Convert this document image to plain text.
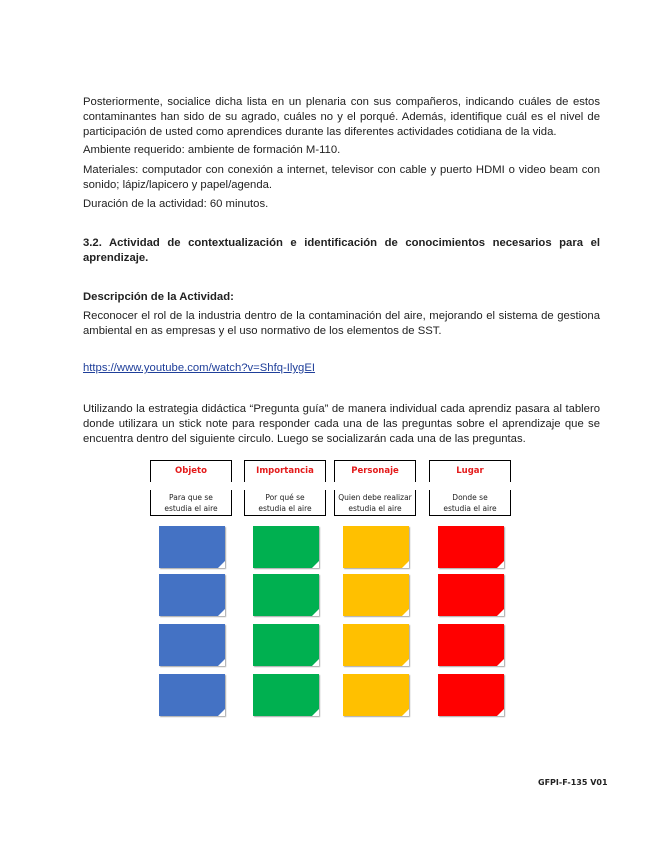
Posteriormente, socialice dicha lista en un plenaria con sus compañeros, indicando cuáles de estos contaminantes han sido de su agrado, cuáles no y el porqué. Además, identifique cuál es el nivel de participación de usted como aprendices durante las diferentes actividades cotidiana de la vida.

Ambiente requerido: ambiente de formación M-110.

Materiales: computador con conexión a internet, televisor con cable y puerto HDMI o video beam con sonido; lápiz/lapicero y papel/agenda.

Duración de la actividad: 60 minutos.

3.2. Actividad de contextualización e identificación de conocimientos necesarios para el aprendizaje.

Descripción de la Actividad:

Reconocer el rol de la industria dentro de la contaminación del aire, mejorando el sistema de gestiona ambiental en as empresas y el uso normativo de los elementos de SST.

https://www.youtube.com/watch?v=Shfq-IlygEI

Utilizando la estrategia didáctica “Pregunta guía” de manera individual cada aprendiz pasara al tablero donde utilizara un stick note para responder cada una de las preguntas sobre el aprendizaje que se encuentra dentro del siguiente circulo. Luego se socializarán cada una de las preguntas.

Objeto
Para que se
estudia el aire
Importancia
Por qué se
estudia el aire
Personaje
Quien debe realizar
estudia el aire
Lugar
Donde se
estudia el aire
GFPI-F-135 V01
